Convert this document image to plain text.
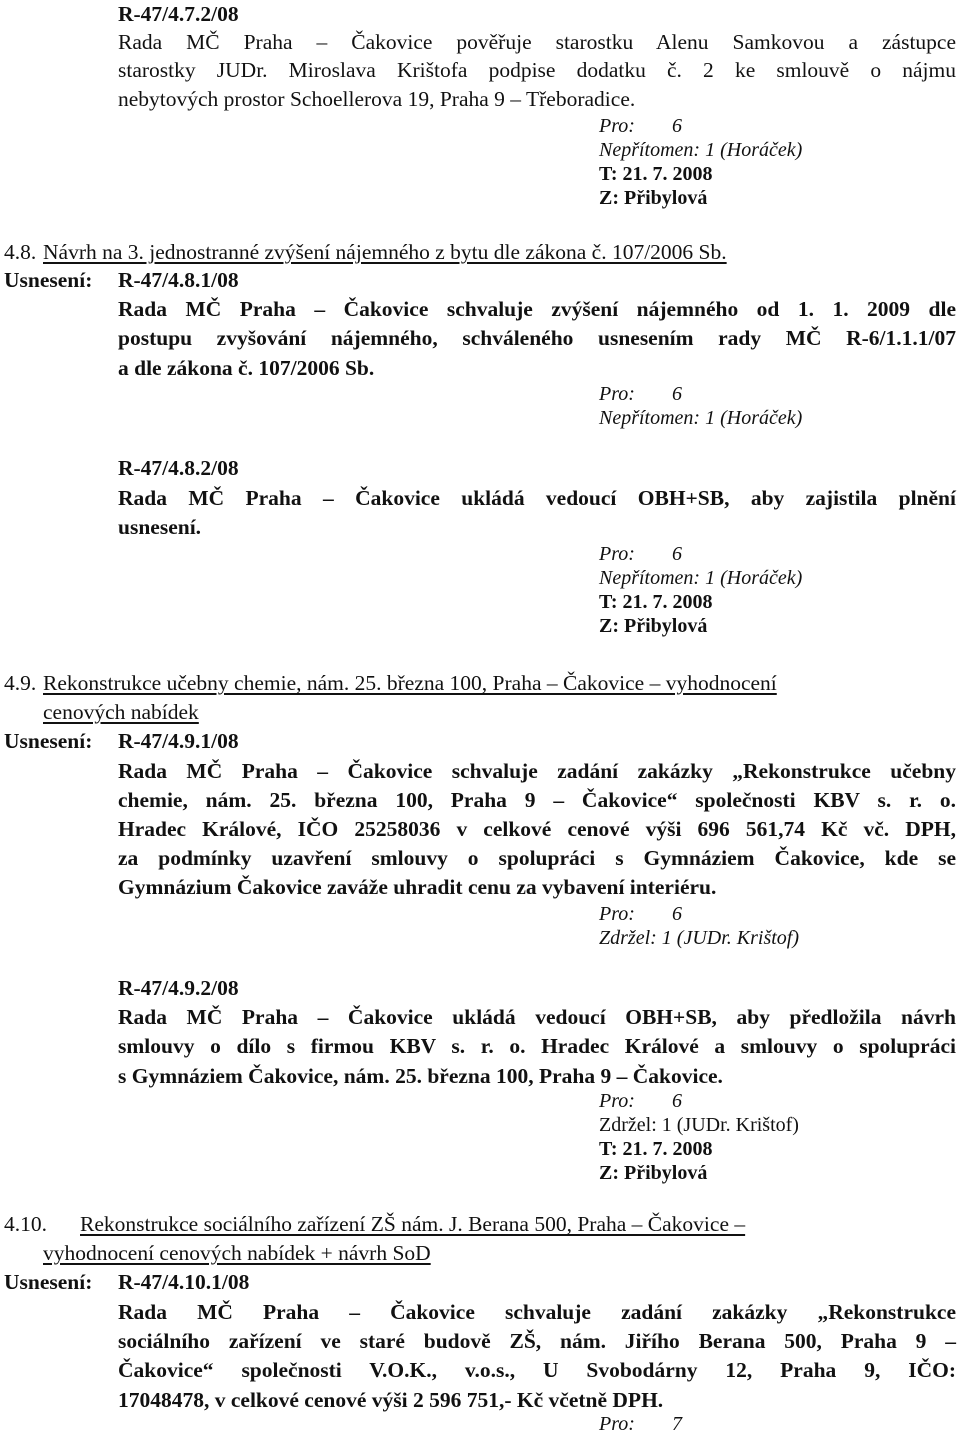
R-47/4.7.2/08
Rada MČ Praha – Čakovice pověřuje starostku Alenu Samkovou a zástupce
starostky JUDr. Miroslava Krištofa podpise dodatku č. 2 ke smlouvě o nájmu
nebytových prostor Schoellerova 19, Praha 9 – Třeboradice.
Pro: 6
Nepřítomen: 1 (Horáček)
T: 21. 7. 2008
Z: Přibylová
4.8. Návrh na 3. jednostranné zvýšení nájemného z bytu dle zákona č. 107/2006 Sb.
Usnesení: R-47/4.8.1/08
Rada MČ Praha – Čakovice schvaluje zvýšení nájemného od 1. 1. 2009 dle
postupu zvyšování nájemného, schváleného usnesením rady MČ R-6/1.1.1/07
a dle zákona č. 107/2006 Sb.
Pro: 6
Nepřítomen: 1 (Horáček)
R-47/4.8.2/08
Rada MČ Praha – Čakovice ukládá vedoucí OBH+SB, aby zajistila plnění
usnesení.
Pro: 6
Nepřítomen: 1 (Horáček)
T: 21. 7. 2008
Z: Přibylová
4.9. Rekonstrukce učebny chemie, nám. 25. března 100, Praha – Čakovice – vyhodnocení
cenových nabídek
Usnesení: R-47/4.9.1/08
Rada MČ Praha – Čakovice schvaluje zadání zakázky „Rekonstrukce učebny
chemie, nám. 25. března 100, Praha 9 – Čakovice“ společnosti KBV s. r. o.
Hradec Králové, IČO 25258036 v celkové cenové výši 696 561,74 Kč vč. DPH,
za podmínky uzavření smlouvy o spolupráci s Gymnáziem Čakovice, kde se
Gymnázium Čakovice zaváže uhradit cenu za vybavení interiéru.
Pro: 6
Zdržel: 1 (JUDr. Krištof)
R-47/4.9.2/08
Rada MČ Praha – Čakovice ukládá vedoucí OBH+SB, aby předložila návrh
smlouvy o dílo s firmou KBV s. r. o. Hradec Králové a smlouvy o spolupráci
s Gymnáziem Čakovice, nám. 25. března 100, Praha 9 – Čakovice.
Pro: 6
Zdržel: 1 (JUDr. Krištof)
T: 21. 7. 2008
Z: Přibylová
4.10. Rekonstrukce sociálního zařízení ZŠ nám. J. Berana 500, Praha – Čakovice –
vyhodnocení cenových nabídek + návrh SoD
Usnesení: R-47/4.10.1/08
Rada MČ Praha – Čakovice schvaluje zadání zakázky „Rekonstrukce
sociálního zařízení ve staré budově ZŠ, nám. Jiřího Berana 500, Praha 9 –
Čakovice“ společnosti V.O.K., v.o.s., U Svobodárny 12, Praha 9, IČO:
17048478, v celkové cenové výši 2 596 751,- Kč včetně DPH.
Pro: 7
